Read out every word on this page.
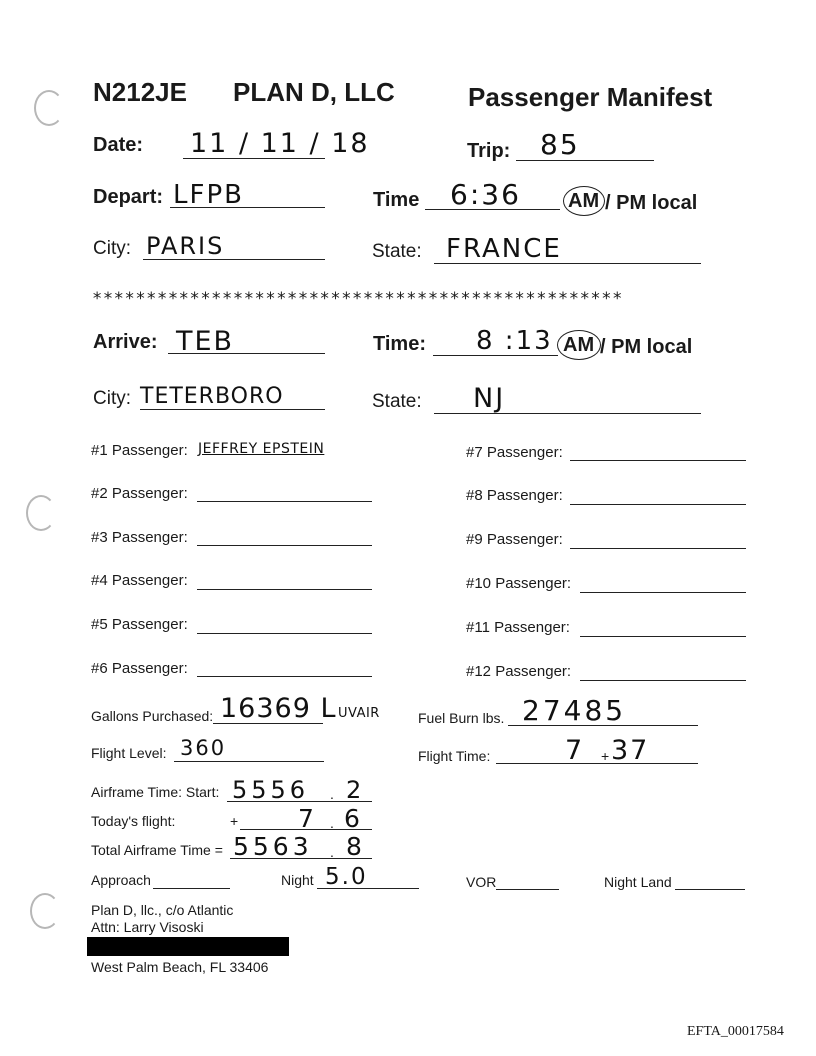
N212JE PLAN D, LLC	Passenger Manifest
Date: 11 / 11 / 18	Trip: 85
Depart: LFPB	Time 6:36 AM / PM local
City: PARIS	State: FRANCE
*************************************************
Arrive: TEB	Time: 8 :13 AM / PM local
City: TETERBORO	State: NJ
#1 Passenger: JEFFREY EPSTEIN
#2 Passenger:
#3 Passenger:
#4 Passenger:
#5 Passenger:
#6 Passenger:
#7 Passenger:
#8 Passenger:
#9 Passenger:
#10 Passenger:
#11 Passenger:
#12 Passenger:
Gallons Purchased: 16369 L UVAIR	Fuel Burn lbs. 27485
Flight Level: 360	Flight Time:	7 + 37
Airframe Time: Start: 5556 . 2
Today's flight:	+ 7 . 6
Total Airframe Time = 5563 . 8
Approach	Night 5.0	VOR	Night Land
Plan D, llc., c/o Atlantic
Attn: Larry Visoski
West Palm Beach, FL 33406
EFTA_00017584
